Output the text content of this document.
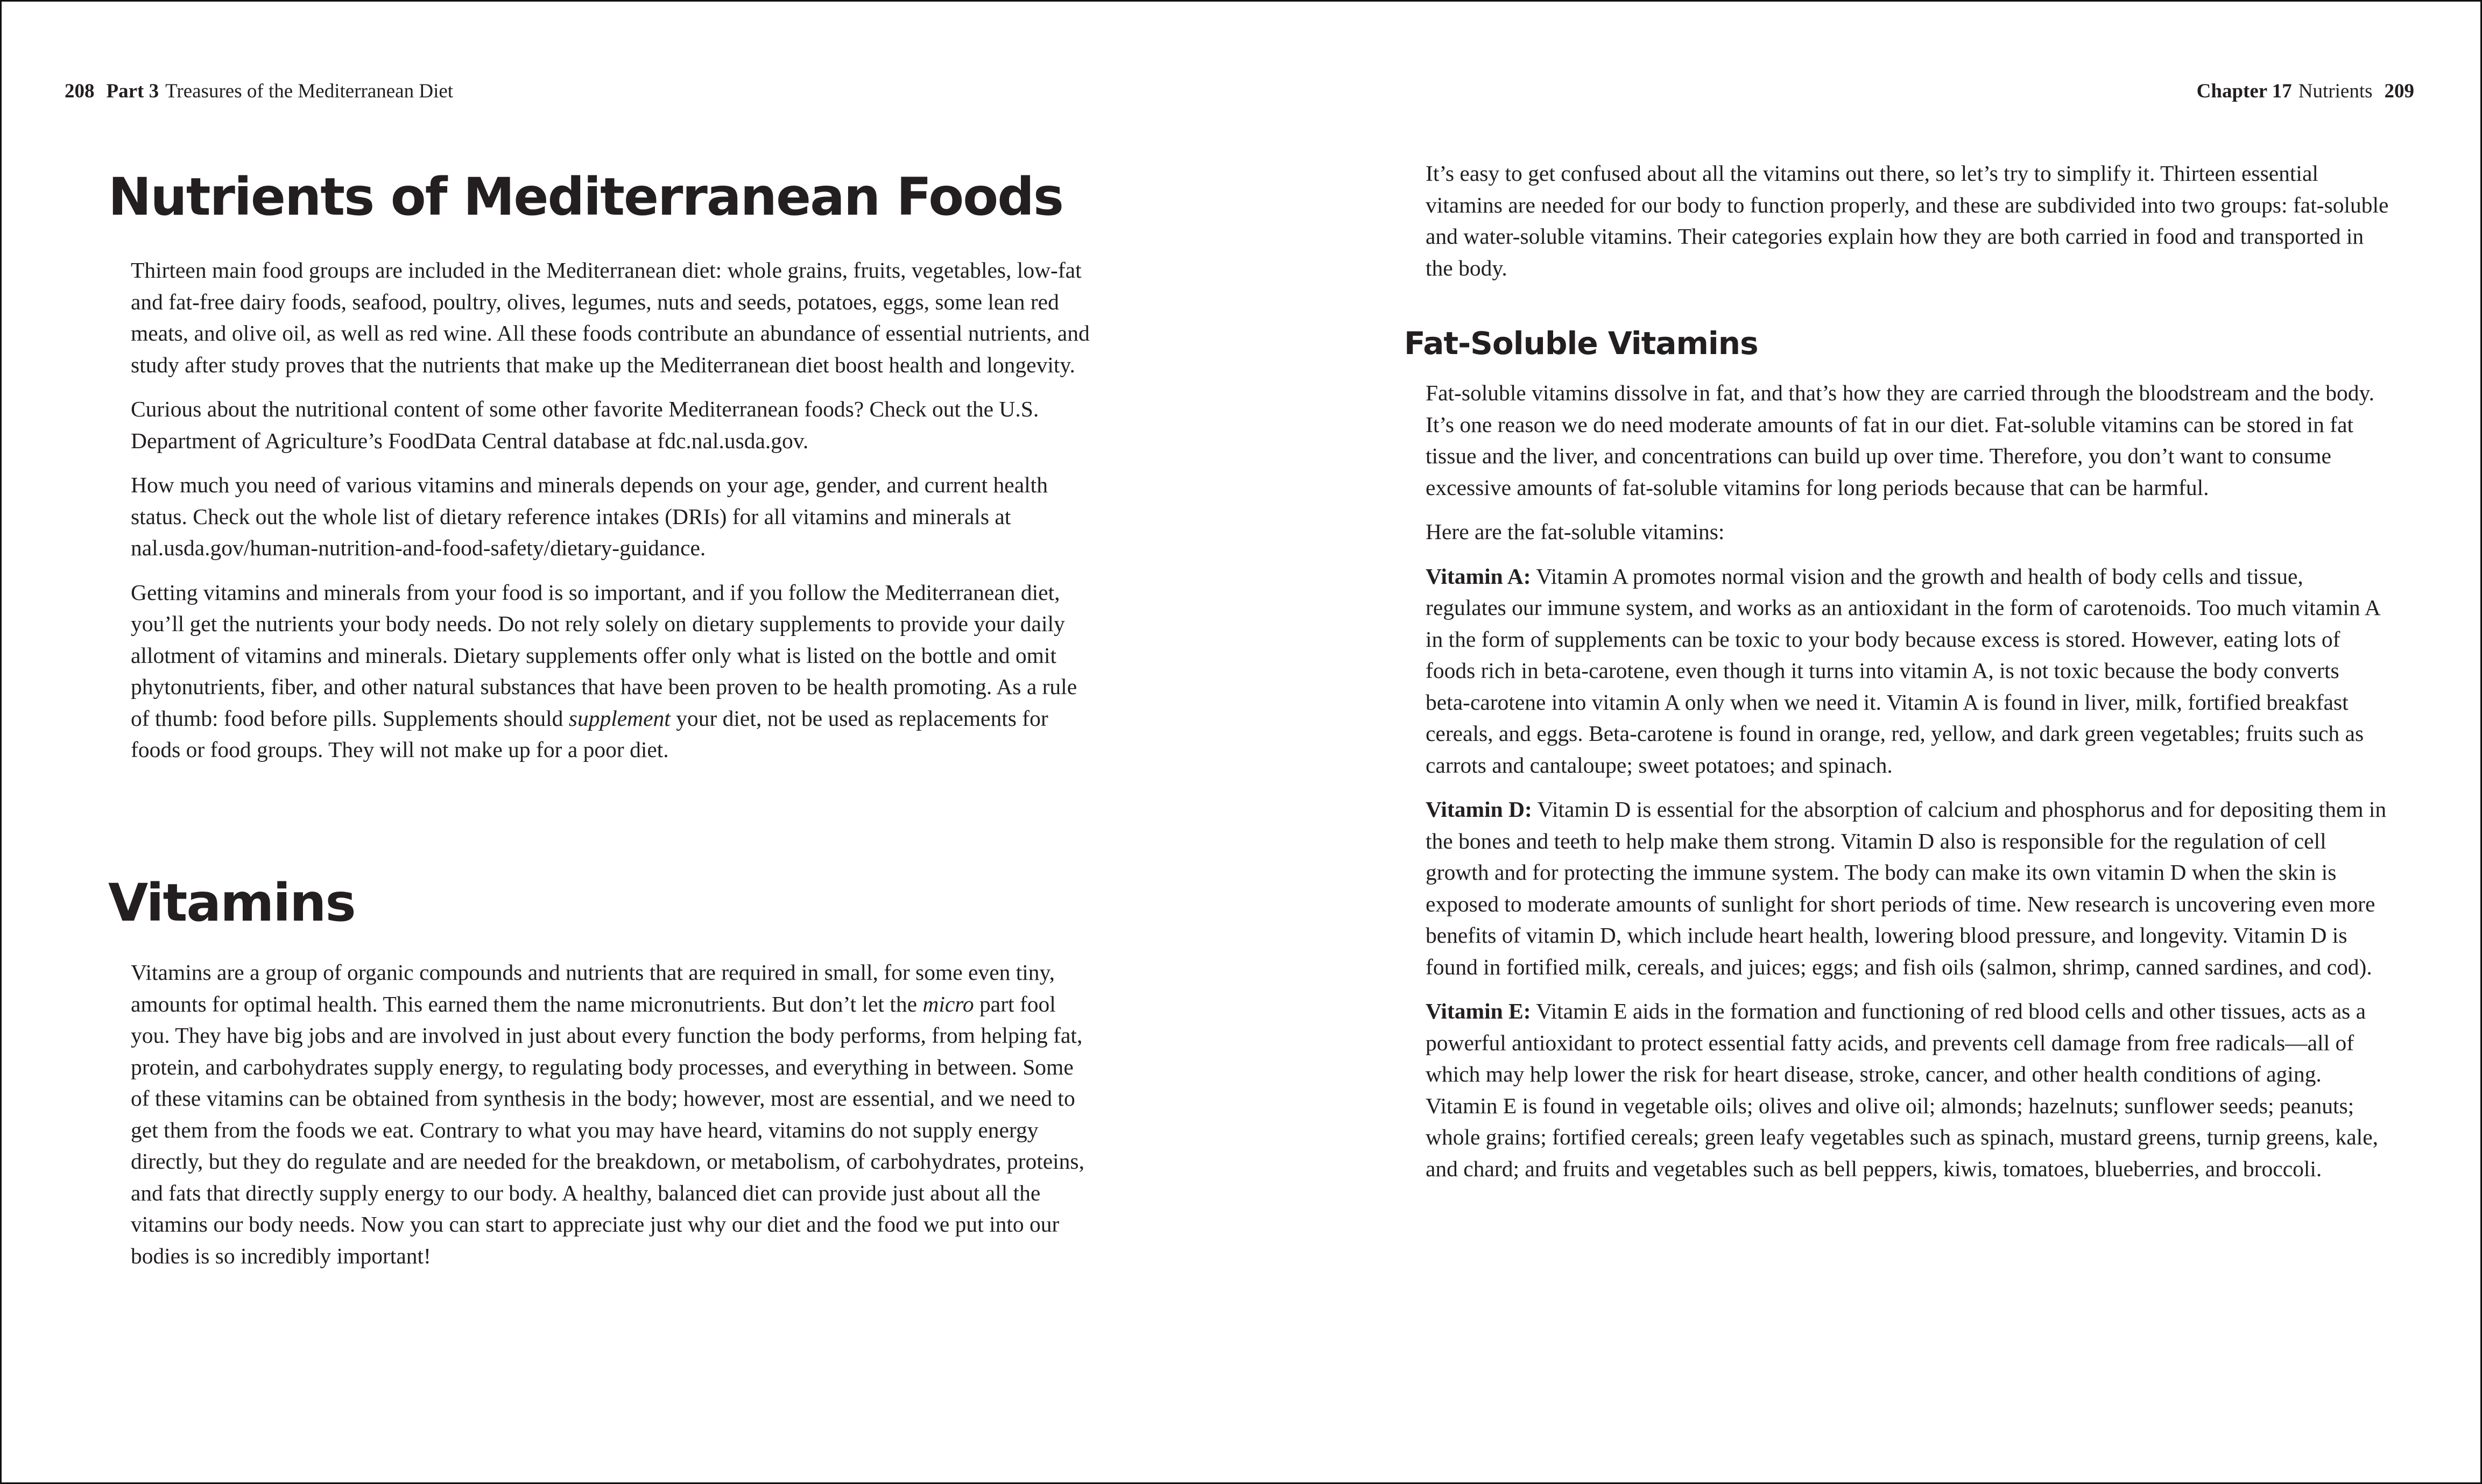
208 Part 3 Treasures of the Mediterranean Diet
Nutrients of Mediterranean Foods

Thirteen main food groups are included in the Mediterranean diet: whole grains, fruits, vegetables, low-fat and fat-free dairy foods, seafood, poultry, olives, legumes, nuts and seeds, potatoes, eggs, some lean red meats, and olive oil, as well as red wine. All these foods contribute an abundance of essential nutrients, and study after study proves that the nutrients that make up the Mediterranean diet boost health and longevity.

Curious about the nutritional content of some other favorite Mediterranean foods? Check out the U.S. Department of Agriculture’s FoodData Central database at fdc.nal.usda.gov.

How much you need of various vitamins and minerals depends on your age, gender, and current health status. Check out the whole list of dietary reference intakes (DRIs) for all vitamins and minerals at nal.usda.gov/human-nutrition-and-food-safety/dietary-guidance.

Getting vitamins and minerals from your food is so important, and if you follow the Mediterranean diet, you’ll get the nutrients your body needs. Do not rely solely on dietary supplements to provide your daily allotment of vitamins and minerals. Dietary supplements offer only what is listed on the bottle and omit phytonutrients, fiber, and other natural substances that have been proven to be health promoting. As a rule of thumb: food before pills. Supplements should supplement your diet, not be used as replacements for foods or food groups. They will not make up for a poor diet.

Vitamins

Vitamins are a group of organic compounds and nutrients that are required in small, for some even tiny, amounts for optimal health. This earned them the name micronutrients. But don’t let the micro part fool you. They have big jobs and are involved in just about every function the body performs, from helping fat, protein, and carbohydrates supply energy, to regulating body processes, and everything in between. Some of these vitamins can be obtained from synthesis in the body; however, most are essential, and we need to get them from the foods we eat. Contrary to what you may have heard, vitamins do not supply energy directly, but they do regulate and are needed for the breakdown, or metabolism, of carbohydrates, proteins, and fats that directly supply energy to our body. A healthy, balanced diet can provide just about all the vitamins our body needs. Now you can start to appreciate just why our diet and the food we put into our bodies is so incredibly important!

Chapter 17 Nutrients 209

It’s easy to get confused about all the vitamins out there, so let’s try to simplify it. Thirteen essential vitamins are needed for our body to function properly, and these are subdivided into two groups: fat-soluble and water-soluble vitamins. Their categories explain how they are both carried in food and transported in the body.

Fat-Soluble Vitamins

Fat-soluble vitamins dissolve in fat, and that’s how they are carried through the bloodstream and the body. It’s one reason we do need moderate amounts of fat in our diet. Fat-soluble vitamins can be stored in fat tissue and the liver, and concentrations can build up over time. Therefore, you don’t want to consume excessive amounts of fat-soluble vitamins for long periods because that can be harmful.

Here are the fat-soluble vitamins:

Vitamin A: Vitamin A promotes normal vision and the growth and health of body cells and tissue, regulates our immune system, and works as an antioxidant in the form of carotenoids. Too much vitamin A in the form of supplements can be toxic to your body because excess is stored. However, eating lots of foods rich in beta-carotene, even though it turns into vitamin A, is not toxic because the body converts beta-carotene into vitamin A only when we need it. Vitamin A is found in liver, milk, fortified breakfast cereals, and eggs. Beta-carotene is found in orange, red, yellow, and dark green vegetables; fruits such as carrots and cantaloupe; sweet potatoes; and spinach.

Vitamin D: Vitamin D is essential for the absorption of calcium and phosphorus and for depositing them in the bones and teeth to help make them strong. Vitamin D also is responsible for the regulation of cell growth and for protecting the immune system. The body can make its own vitamin D when the skin is exposed to moderate amounts of sunlight for short periods of time. New research is uncovering even more benefits of vitamin D, which include heart health, lowering blood pressure, and longevity. Vitamin D is found in fortified milk, cereals, and juices; eggs; and fish oils (salmon, shrimp, canned sardines, and cod).

Vitamin E: Vitamin E aids in the formation and functioning of red blood cells and other tissues, acts as a powerful antioxidant to protect essential fatty acids, and prevents cell damage from free radicals—all of which may help lower the risk for heart disease, stroke, cancer, and other health conditions of aging. Vitamin E is found in vegetable oils; olives and olive oil; almonds; hazelnuts; sunflower seeds; peanuts; whole grains; fortified cereals; green leafy vegetables such as spinach, mustard greens, turnip greens, kale, and chard; and fruits and vegetables such as bell peppers, kiwis, tomatoes, blueberries, and broccoli.
